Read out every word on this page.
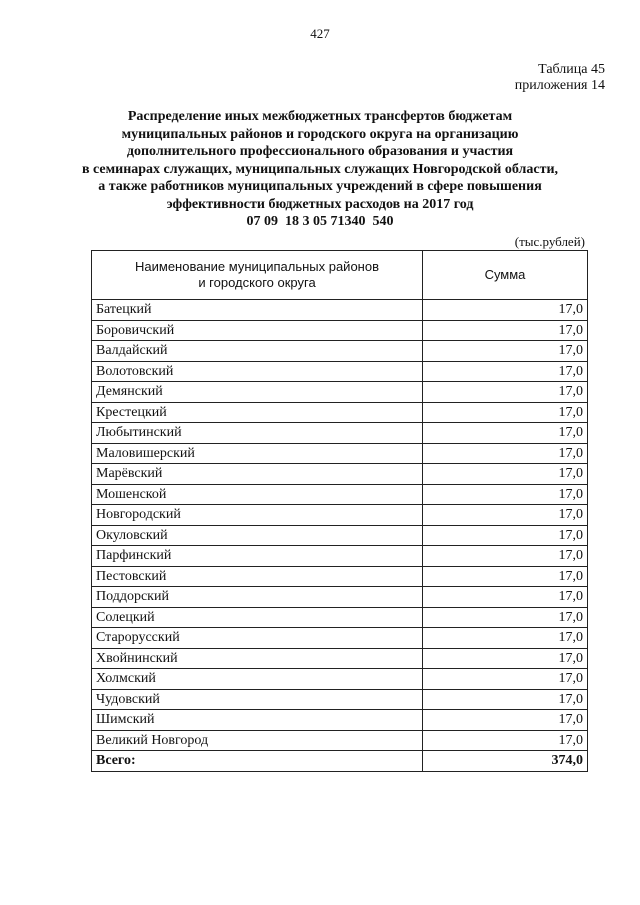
427
Таблица 45
приложения 14
Распределение иных межбюджетных трансфертов бюджетам
муниципальных районов и городского округа на организацию
дополнительного профессионального образования и участия
в семинарах служащих, муниципальных служащих Новгородской области,
а также работников муниципальных учреждений в сфере повышения
эффективности бюджетных расходов на 2017 год
07 09  18 3 05 71340  540
(тыс.рублей)
Наименование муниципальных районов
и городского округа	Сумма
Батецкий	17,0
Боровичский	17,0
Валдайский	17,0
Волотовский	17,0
Демянский	17,0
Крестецкий	17,0
Любытинский	17,0
Маловишерский	17,0
Марёвский	17,0
Мошенской	17,0
Новгородский	17,0
Окуловский	17,0
Парфинский	17,0
Пестовский	17,0
Поддорский	17,0
Солецкий	17,0
Старорусский	17,0
Хвойнинский	17,0
Холмский	17,0
Чудовский	17,0
Шимский	17,0
Великий Новгород	17,0
Всего:	374,0
